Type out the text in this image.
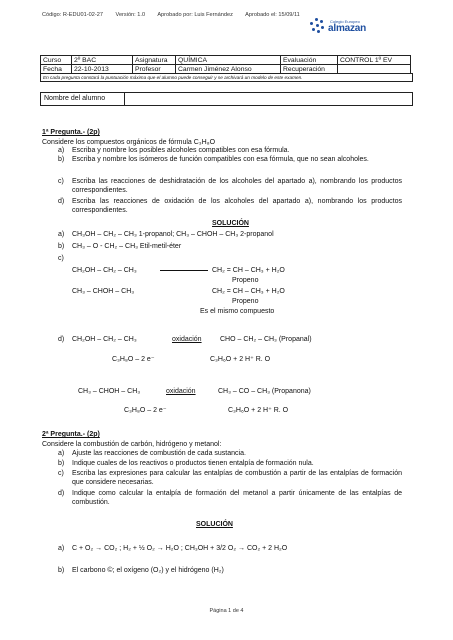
Código: R-EDU01-02-27 Versión: 1.0 Aprobado por: Luis Fernández Aprobado el: 15/09/11
Colegio Europeo
almazan
Curso	2º BAC	Asignatura	QUÍMICA	Evaluación	CONTROL 1º EV
Fecha	22-10-2013	Profesor	Carmen Jiménez Alonso	Recuperación	
En cada pregunta constará la puntuación máxima que el alumno puede conseguir y se archivará un modelo de este examen.
Nombre del alumno
1ª Pregunta.- (2p)
Considere los compuestos orgánicos de fórmula C₃H₈O
a) Escriba y nombre los posibles alcoholes compatibles con esa fórmula.
b) Escriba y nombre los isómeros de función compatibles con esa fórmula, que no sean alcoholes.
c) Escriba las reacciones de deshidratación de los alcoholes del apartado a), nombrando los productos correspondientes.
d) Escriba las reacciones de oxidación de los alcoholes del apartado a), nombrando los productos correspondientes.
SOLUCIÓN
a) CH₃OH – CH₂ – CH₃ 1-propanol; CH₃ – CHOH – CH₃ 2-propanol
b) CH₃ – O - CH₂ – CH₃ Etil-metil-éter
c)
CH₂OH – CH₂ – CH₃	CH₂ = CH – CH₃ + H₂O
Propeno
CH₃ – CHOH – CH₃	CH₂ = CH – CH₃ + H₂O
Propeno
Es el mismo compuesto
d) CH₂OH – CH₂ – CH₃	oxidación	CHO – CH₂ – CH₃ (Propanal)
C₃H₈O – 2 e⁻	C₃H₆O + 2 H⁺ R. O
CH₃ – CHOH – CH₃	oxidación	CH₃ – CO – CH₃ (Propanona)
C₃H₈O – 2 e⁻	C₃H₆O + 2 H⁺ R. O
2ª Pregunta.- (2p)
Considere la combustión de carbón, hidrógeno y metanol:
a) Ajuste las reacciones de combustión de cada sustancia.
b) Indique cuales de los reactivos o productos tienen entalpía de formación nula.
c) Escriba las expresiones para calcular las entalpías de combustión a partir de las entalpías de formación que considere necesarias.
d) Indique como calcular la entalpía de formación del metanol a partir únicamente de las entalpías de combustión.
SOLUCIÓN
a) C + O₂ → CO₂ ; H₂ + ½ O₂ → H₂O ; CH₃OH + 3/2 O₂ → CO₂ + 2 H₂O
b) El carbono ©; el oxígeno (O₂) y el hidrógeno (H₂)
Página 1 de 4
